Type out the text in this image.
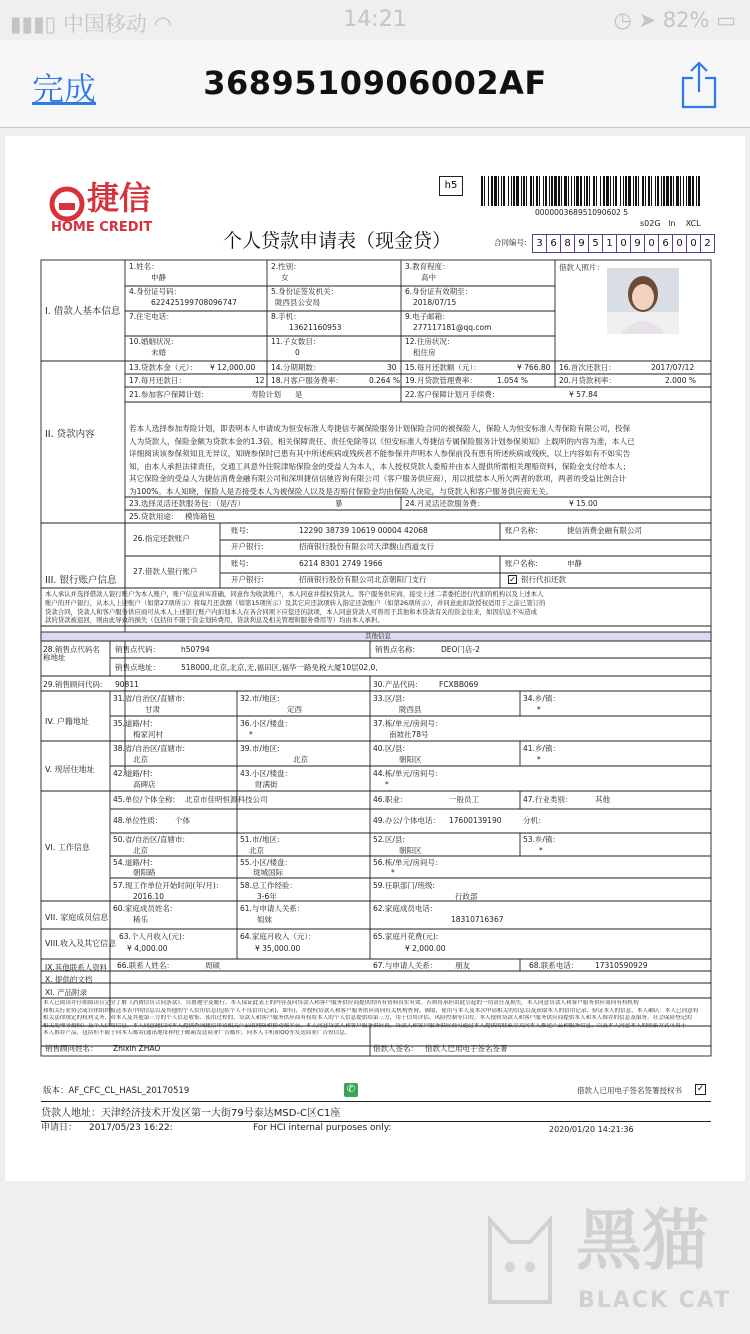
▮▮▮▯ 中国移动 ◠	14:21	◷ ➤ 82% ▭
完成	3689510906002AF
捷信
HOME CREDIT
个人贷款申请表（现金贷）
h5
000000368951090602 5
s02G ln XCL
合同编号: 3 6 8 9 5 1 0 9 0 6 0 0 2
I. 借款人基本信息
II. 贷款内容
III. 银行账户信息
IV. 户籍地址
V. 现居住地址
VI. 工作信息
VII. 家庭成员信息
VIII.收入及其它信息
IX.其他联系人资料
X. 提供的文档
XI. 产品附录
借款人照片：
1.姓名：
申静
2.性别：
女
3.教育程度：
高中
4.身份证号码：
622425199708096747
5.身份证签发机关：
陇西县公安局
6.身份证有效期至：
2018/07/15
7.住宅电话：	8.手机：
13621160953
9.电子邮箱：
277117181@qq.com
10.婚姻状况：
未婚
11.子女数目：
0
12.住房状况：
租住房
13.贷款本金（元）： ¥ 12,000.00 14.分期期数：	30 15.每月还款额（元）：	¥ 766.80 16.首次还款日：	2017/07/12
17.每月还款日：	12 18.月客户服务费率：	0.264 % 19.月贷款管理费率：	1.054 %	20.月贷款利率：	2.000 %
21.参加客户保障计划：	寿险计划 是	22.客户保障计划月手续费：	¥ 57.84
若本人选择参加寿险计划，即表明本人申请成为恒安标准人寿捷信专属保险服务计划保险合同的被保险人，保险人为恒安标准人寿保险有限公司，投保
人为贷款人，保险金额为贷款本金的1.3倍。相关保障责任、责任免除等以《恒安标准人寿捷信专属保险服务计划参保须知》上载明的内容为准，本人已
详细阅读该参保须知且无异议，知晓参保时已患有其中所述疾病或残疾者不能参保并声明本人参保前没有患有所述疾病或残疾，以上内容如有不如实告
知，由本人承担法律责任，交通工具意外住院津贴保险金的受益人为本人，本人授权贷款人委赔并由本人提供所需相关理赔资料，保险金支付给本人；
其它保险金的受益人为捷信消费金融有限公司和深圳捷信信驰咨询有限公司（客户服务供应商），用以抵偿本人所欠两者的款项，两者的受益比例合计
为100%。本人知晓，保险人是否接受本人为被保险人以及是否赔付保险金均由保险人决定，与贷款人和客户服务供应商无关。
23.选择灵活还款服务包：（是/否）	暴	24.月灵活还款服务费：	¥ 15.00
25.贷款用途： 模饰箱包
26.指定还款账户
账号:	12290 38739 10619 00004 42068	账户名称:	捷信消费金融有限公司
开户银行:	招商银行股份有限公司天津馥山西道支行
27.借款人银行账户
账号:	6214 8301 2749 1966	账户名称:	申静
开户银行:	招商银行股份有限公司北京朝阳门支行	✓ 银行代扣还款
本人承认并选择借款人银行账户为本人账户，账户信息真实准确，同意作为收款账户，本人同意并授权贷款人、客户服务供应商，接受上述二者委托进行代扣的机构以及上述本人
账户的开户银行，从本人上述账户（如第27项所示）将每月还款额（如第15项所示）及其它应还款项转入指定还款账户（如第26项所示），并同意此扣款授权适用于之前已签订的
贷款合同，贷款人和客户服务供应商可从本人上述银行账户内扣划本人在各合同项下应偿还的款项，本人同意贷款人可将用于其他和本贷款有关的资金往来，如因信息不实造成
款的贷款被退回，则由此导致的损失（包括但不限于资金划转费用、贷款利息及相关管理和服务费用等）均由本人承担。
其他信息
28.销售点代码名称地址
销售点代码：	h50794	销售点名称:	DEO门店-2
销售点地址：	518000,北京,北京,无,福田区,福华一路免税大厦10层02,0,
29.销售顾问代码: 90811	30.产品代码： FCXBB069
31.省/自治区/直辖市:
甘肃
32.市/地区:
定西
33.区/县:
陇西县
34.乡/镇：
*
35.道路/村:
梅家河村
36.小区/楼盘：
*
37.栋/单元/房间号：
南坡社78号
38.省/自治区/直辖市:
北京
39.市/地区:
北京
40.区/县:
朝阳区
41.乡/镇：
*
42.道路/村:
高碑店
43.小区/楼盘：
财满街
44.栋/单元/房间号：
*
45.单位/个体全称: 北京市佳明恒源科技公司	46.职业：	一般员工	47.行业类别：	其他
48.单位性质： 个体	49.办公/个体电话： 17600139190	分机：
50.省/自治区/直辖市:
北京
51.市/地区:
北京
52.区/县:
朝阳区
53.乡/镇：
*
54.道路/村:
朝阳路
55.小区/楼盘：
珑城国际
56.栋/单元/房间号：
*
57.现工作单位开始时间(年/月)：
2016.10
58.总工作经验：
3-6年
59.任职部门/班级:
行政部
60.家庭成员姓名:
稀乐
61.与申请人关系：
姐妹
62.家庭成员电话：
18310716367
63.个人月收入(元)：
¥ 4,000.00
64.家庭月收入（元）：
¥ 35,000.00
65.家庭月花费(元):
¥ 2,000.00
66.联系人姓名：	周硕	67.与申请人关系： 朋友	68.联系电话： 17310590929
本人已阅读并仔细阅读且完全了解《消费信贷合同条款》，自愿遵守及履行。本人保证此表上的内容及向贷款人和客户服务供应商提供的所有资料真实有效。否则将承担由此引起的一切责任及损失。本人同意贷款人和客户服务供应商向有权机构
和相关行业协会或自律组织报送本表中的信息以及其他的个人信用信息(包括个人不良信用记录)，如有)，并授权贷款人和客户服务供应商向有关机构查询、调取、使用与本人及本次申请相关的信息以及获取本人的信用记录、验证本人的信息，本人确认：本人已同意将
相关法律规定的权利义务，对本人及其他第三方的个人信息收集、使用过程的，贷款人和客户服务供应商有权将本人的个人信息提供给第三方，用于信用评估、风险控制等目的。本人授权贷款人和客户服务供应商提供本人和本人推荐的信息及服务。社会保险登记的
相关处理等授权）及个人信用信息。本人同意捷信向本人提供查询捷信申请相关产品的网络和移动端平台。本人同意贷款人和客户服务供应商，贷款人和客户服务供应商可通过本人提供的联系方式向本人推送产品和服务信息，以及本人同意本人的联系方式可用于
本人推荐产品，包括但不限于向本人邮寄(通讯地址和电子邮箱发送商业广告邮件，向本人手机和QQ等发送商业广告短信息。
销售顾问姓名： Zhixin ZHAO	借款人签名： 借款人已用电子签名签署
版本：AF_CFC_CL_HASL_20170519	✆	借款人已用电子签名签署授权书 ✓
贷款人地址：天津经济技术开发区第一大街79号泰达MSD-C区C1座
申请日： 2017/05/23 16:22:	For HCI internal purposes only:	2020/01/20 14:21:36
黑猫
BLACK CAT
